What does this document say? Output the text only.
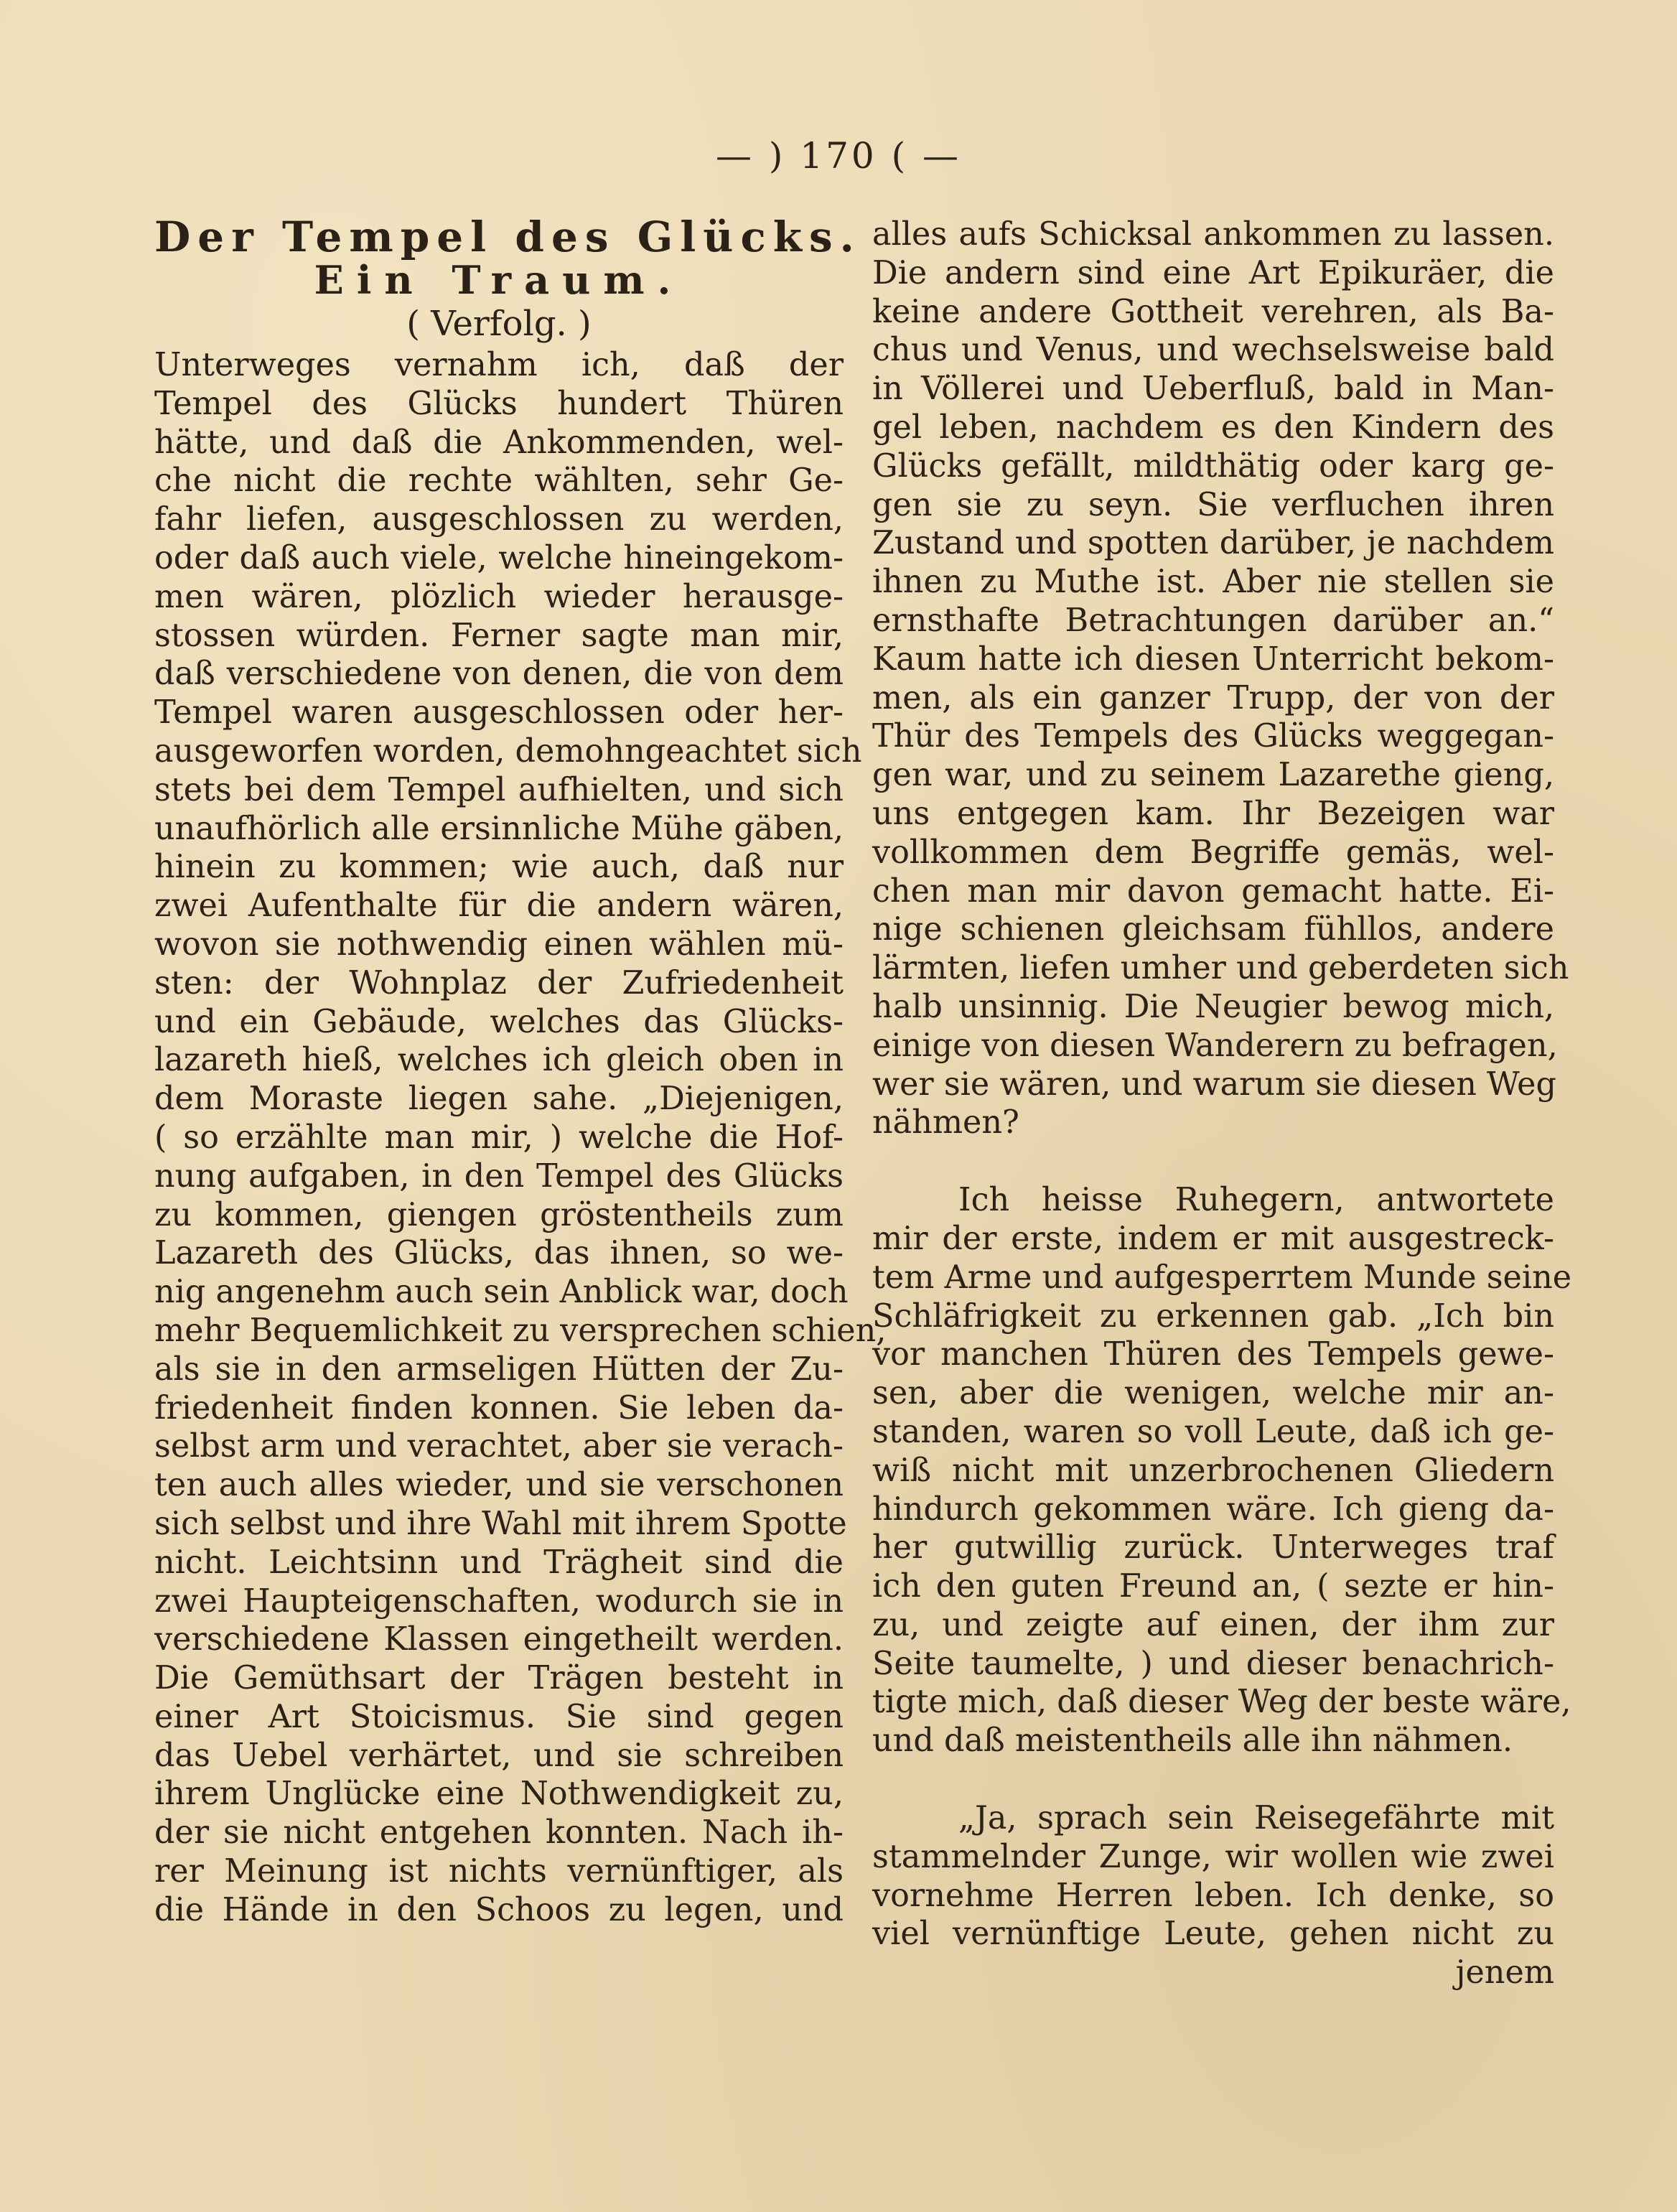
— ) 170 ( —
Der Tempel des Glücks.
Ein Traum.
( Verfolg. )
Unterweges vernahm ich, daß der
Tempel des Glücks hundert Thüren
hätte, und daß die Ankommenden, wel-
che nicht die rechte wählten, sehr Ge-
fahr liefen, ausgeschlossen zu werden,
oder daß auch viele, welche hineingekom-
men wären, plözlich wieder herausge-
stossen würden. Ferner sagte man mir,
daß verschiedene von denen, die von dem
Tempel waren ausgeschlossen oder her-
ausgeworfen worden, demohngeachtet sich
stets bei dem Tempel aufhielten, und sich
unaufhörlich alle ersinnliche Mühe gäben,
hinein zu kommen; wie auch, daß nur
zwei Aufenthalte für die andern wären,
wovon sie nothwendig einen wählen mü-
sten: der Wohnplaz der Zufriedenheit
und ein Gebäude, welches das Glücks-
lazareth hieß, welches ich gleich oben in
dem Moraste liegen sahe. „Diejenigen,
( so erzählte man mir, ) welche die Hof-
nung aufgaben, in den Tempel des Glücks
zu kommen, giengen gröstentheils zum
Lazareth des Glücks, das ihnen, so we-
nig angenehm auch sein Anblick war, doch
mehr Bequemlichkeit zu versprechen schien,
als sie in den armseligen Hütten der Zu-
friedenheit finden konnen. Sie leben da-
selbst arm und verachtet, aber sie verach-
ten auch alles wieder, und sie verschonen
sich selbst und ihre Wahl mit ihrem Spotte
nicht. Leichtsinn und Trägheit sind die
zwei Haupteigenschaften, wodurch sie in
verschiedene Klassen eingetheilt werden.
Die Gemüthsart der Trägen besteht in
einer Art Stoicismus. Sie sind gegen
das Uebel verhärtet, und sie schreiben
ihrem Unglücke eine Nothwendigkeit zu,
der sie nicht entgehen konnten. Nach ih-
rer Meinung ist nichts vernünftiger, als
die Hände in den Schoos zu legen, und
alles aufs Schicksal ankommen zu lassen.
Die andern sind eine Art Epikuräer, die
keine andere Gottheit verehren, als Ba-
chus und Venus, und wechselsweise bald
in Völlerei und Ueberfluß, bald in Man-
gel leben, nachdem es den Kindern des
Glücks gefällt, mildthätig oder karg ge-
gen sie zu seyn. Sie verfluchen ihren
Zustand und spotten darüber, je nachdem
ihnen zu Muthe ist. Aber nie stellen sie
ernsthafte Betrachtungen darüber an.“
Kaum hatte ich diesen Unterricht bekom-
men, als ein ganzer Trupp, der von der
Thür des Tempels des Glücks weggegan-
gen war, und zu seinem Lazarethe gieng,
uns entgegen kam. Ihr Bezeigen war
vollkommen dem Begriffe gemäs, wel-
chen man mir davon gemacht hatte. Ei-
nige schienen gleichsam fühllos, andere
lärmten, liefen umher und geberdeten sich
halb unsinnig. Die Neugier bewog mich,
einige von diesen Wanderern zu befragen,
wer sie wären, und warum sie diesen Weg
nähmen?
Ich heisse Ruhegern, antwortete
mir der erste, indem er mit ausgestreck-
tem Arme und aufgesperrtem Munde seine
Schläfrigkeit zu erkennen gab. „Ich bin
vor manchen Thüren des Tempels gewe-
sen, aber die wenigen, welche mir an-
standen, waren so voll Leute, daß ich ge-
wiß nicht mit unzerbrochenen Gliedern
hindurch gekommen wäre. Ich gieng da-
her gutwillig zurück. Unterweges traf
ich den guten Freund an, ( sezte er hin-
zu, und zeigte auf einen, der ihm zur
Seite taumelte, ) und dieser benachrich-
tigte mich, daß dieser Weg der beste wäre,
und daß meistentheils alle ihn nähmen.
„Ja, sprach sein Reisegefährte mit
stammelnder Zunge, wir wollen wie zwei
vornehme Herren leben. Ich denke, so
viel vernünftige Leute, gehen nicht zu
jenem
